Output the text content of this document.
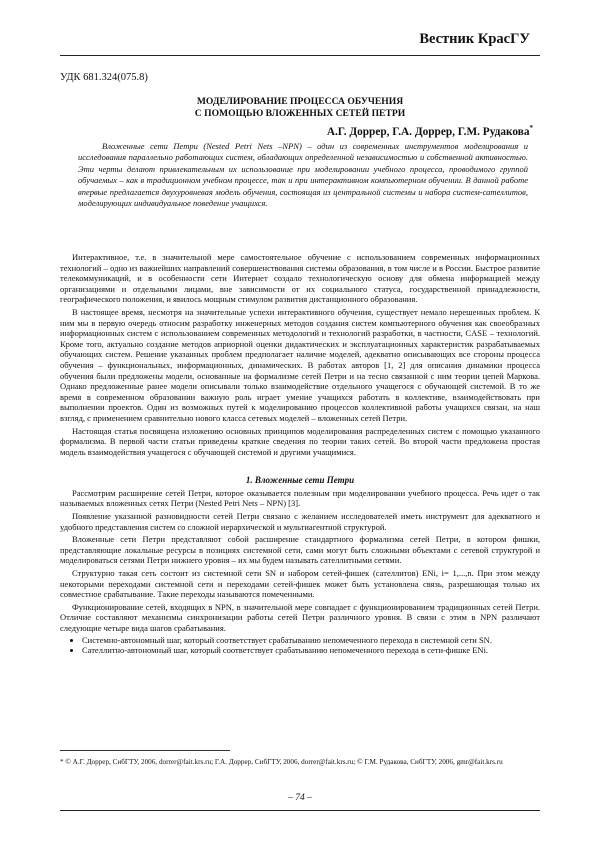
Вестник КрасГУ
УДК 681.324(075.8)
МОДЕЛИРОВАНИЕ ПРОЦЕССА ОБУЧЕНИЯ
С ПОМОЩЬЮ ВЛОЖЕННЫХ СЕТЕЙ ПЕТРИ
А.Г. Доррер, Г.А. Доррер, Г.М. Рудакова*

Вложенные сети Петри (Nested Petri Nets –NPN) – один из современных инструментов моделирования и исследования параллельно работающих систем, обладающих определенной независимостью и собственной активностью. Эти черты делают привлекательным их использование при моделировании учебного процесса, проводимого группой обучаемых – как в традиционном учебном процессе, так и при интерактивном компьютерном обучении. В данной работе впервые предлагается двухуровневая модель обучения, состоящая из центральной системы и набора систем-сателлитов, моделирующих индивидуальное поведение учащихся.

Интерактивное, т.е. в значительной мере самостоятельное обучение с использованием современных информационных технологий – одно из важнейших направлений совершенствования системы образования, в том числе и в России. Быстрое развитие телекоммуникаций, и в особенности сети Интернет создало технологическую основу для обмена информацией между организациями и отдельными лицами, вне зависимости от их социального статуса, государственной принадлежности, географического положения, и явилось мощным стимулом развития дистанционного образования.

В настоящее время, несмотря на значительные успехи интерактивного обучения, существует немало нерешенных проблем. К ним мы в первую очередь относим разработку инженерных методов создания систем компьютерного обучения как своеобразных информационных систем с использованием современных методологий и технологий разработки, в частности, CASE – технологий. Кроме того, актуально создание методов априорной оценки дидактических и эксплуатационных характеристик разрабатываемых обучающих систем. Решение указанных проблем предполагает наличие моделей, адекватно описывающих все стороны процесса обучения – функциональных, информационных, динамических. В работах авторов [1, 2] для описания динамики процесса обучения были предложены модели, основанные на формализме сетей Петри и на тесно связанной с ним теории цепей Маркова. Однако предложенные ранее модели описывали только взаимодействие отдельного учащегося с обучающей системой. В то же время в современном образовании важную роль играет умение учащихся работать в коллективе, взаимодействовать при выполнении проектов. Один из возможных путей к моделированию процессов коллективной работы учащихся связан, на наш взгляд, с применением сравнительно нового класса сетевых моделей – вложенных сетей Петри.

Настоящая статья посвящена изложению основных принципов моделирования распределенных систем с помощью указанного формализма. В первой части статьи приведены краткие сведения по теории таких сетей. Во второй части предложена простая модель взаимодействия учащегося с обучающей системой и другими учащимися.

1. Вложенные сети Петри

Рассмотрим расширение сетей Петри, которое оказывается полезным при моделировании учебного процесса. Речь идет о так называемых вложенных сетях Петри (Nested Petri Nets – NPN) [3].

Появление указанной разновидности сетей Петри связано с желанием исследователей иметь инструмент для адекватного и удобного представления систем со сложной иерархической и мультиагентной структурой.

Вложенные сети Петри представляют собой расширение стандартного формализма сетей Петри, в котором фишки, представляющие локальные ресурсы в позициях системной сети, сами могут быть сложными объектами с сетевой структурой и моделироваться сетями Петри нижнего уровня – их мы будем называть сателлитными сетями.

Структурно такая сеть состоит из системной сети SN и набором сетей-фишек (сателлитов) ENi, i= 1,...,n. При этом между некоторыми переходами системной сети и переходами сетей-фишек может быть установлена связь, разрешающая только их совместное срабатывание. Такие переходы называются помеченными.

Функционирование сетей, входящих в NPN, в значительной мере совпадает с функционированием традиционных сетей Петри. Отличие составляют механизмы синхронизации работы сетей Петри различного уровня. В связи с этим в NPN различают следующие четыре вида шагов срабатывания.

• Системно-автономный шаг, который соответствует срабатыванию непомеченного перехода в системной сети SN.
• Сателлитно-автономный шаг, который соответствует срабатыванию непомеченного перехода в сети-фишке ENi.
* © А.Г. Доррер, СибГТУ, 2006, dorrer@fait.krs.ru; Г.А. Доррер, СибГТУ, 2006, dorrer@fait.krs.ru; © Г.М. Рудакова, СибГТУ, 2006, gmr@fait.krs.ru
– 74 –
